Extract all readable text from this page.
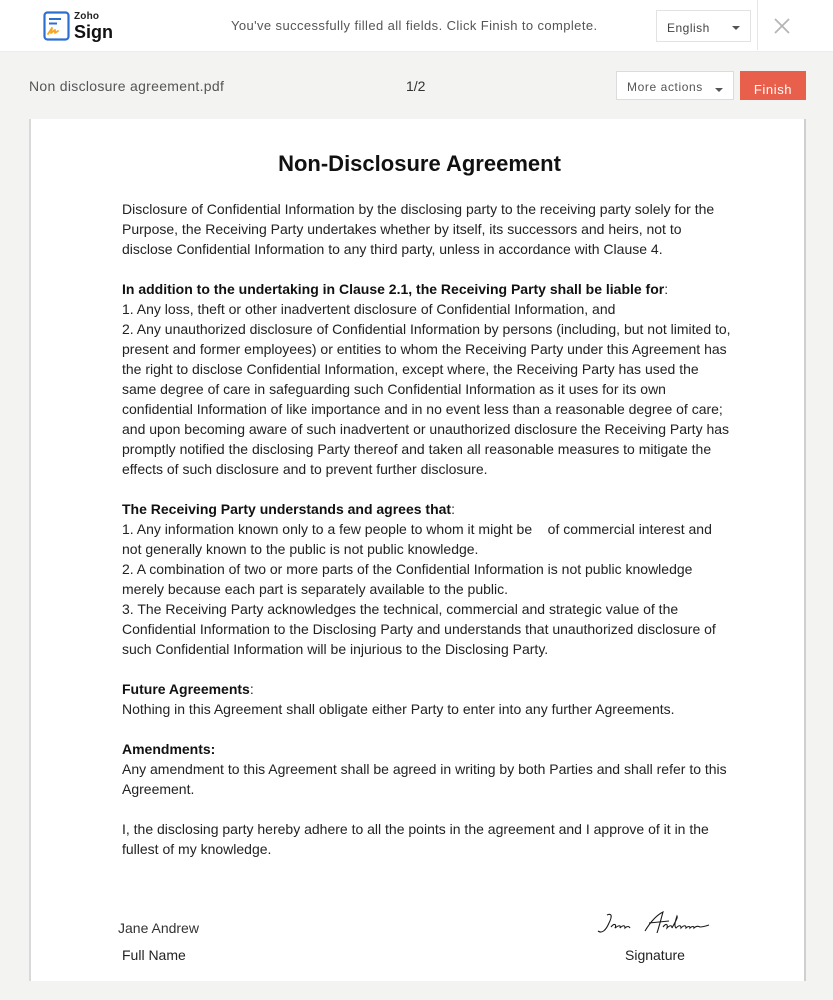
Zoho
Sign	You've successfully filled all fields. Click Finish to complete.	English
Non disclosure agreement.pdf	1/2	More actions	Finish
Non-Disclosure Agreement

Disclosure of Confidential Information by the disclosing party to the receiving party solely for the Purpose, the Receiving Party undertakes whether by itself, its successors and heirs, not to disclose Confidential Information to any third party, unless in accordance with Clause 4.

In addition to the undertaking in Clause 2.1, the Receiving Party shall be liable for:

1. Any loss, theft or other inadvertent disclosure of Confidential Information, and

2. Any unauthorized disclosure of Confidential Information by persons (including, but not limited to, present and former employees) or entities to whom the Receiving Party under this Agreement has the right to disclose Confidential Information, except where, the Receiving Party has used the same degree of care in safeguarding such Confidential Information as it uses for its own confidential Information of like importance and in no event less than a reasonable degree of care; and upon becoming aware of such inadvertent or unauthorized disclosure the Receiving Party has promptly notified the disclosing Party thereof and taken all reasonable measures to mitigate the effects of such disclosure and to prevent further disclosure.

The Receiving Party understands and agrees that:

1. Any information known only to a few people to whom it might be    of commercial interest and not generally known to the public is not public knowledge.

2. A combination of two or more parts of the Confidential Information is not public knowledge merely because each part is separately available to the public.

3. The Receiving Party acknowledges the technical, commercial and strategic value of the Confidential Information to the Disclosing Party and understands that unauthorized disclosure of such Confidential Information will be injurious to the Disclosing Party.

Future Agreements:

Nothing in this Agreement shall obligate either Party to enter into any further Agreements.

Amendments:

Any amendment to this Agreement shall be agreed in writing by both Parties and shall refer to this Agreement.

I, the disclosing party hereby adhere to all the points in the agreement and I approve of it in the fullest of my knowledge.

Jane Andrew
Full Name	Signature
